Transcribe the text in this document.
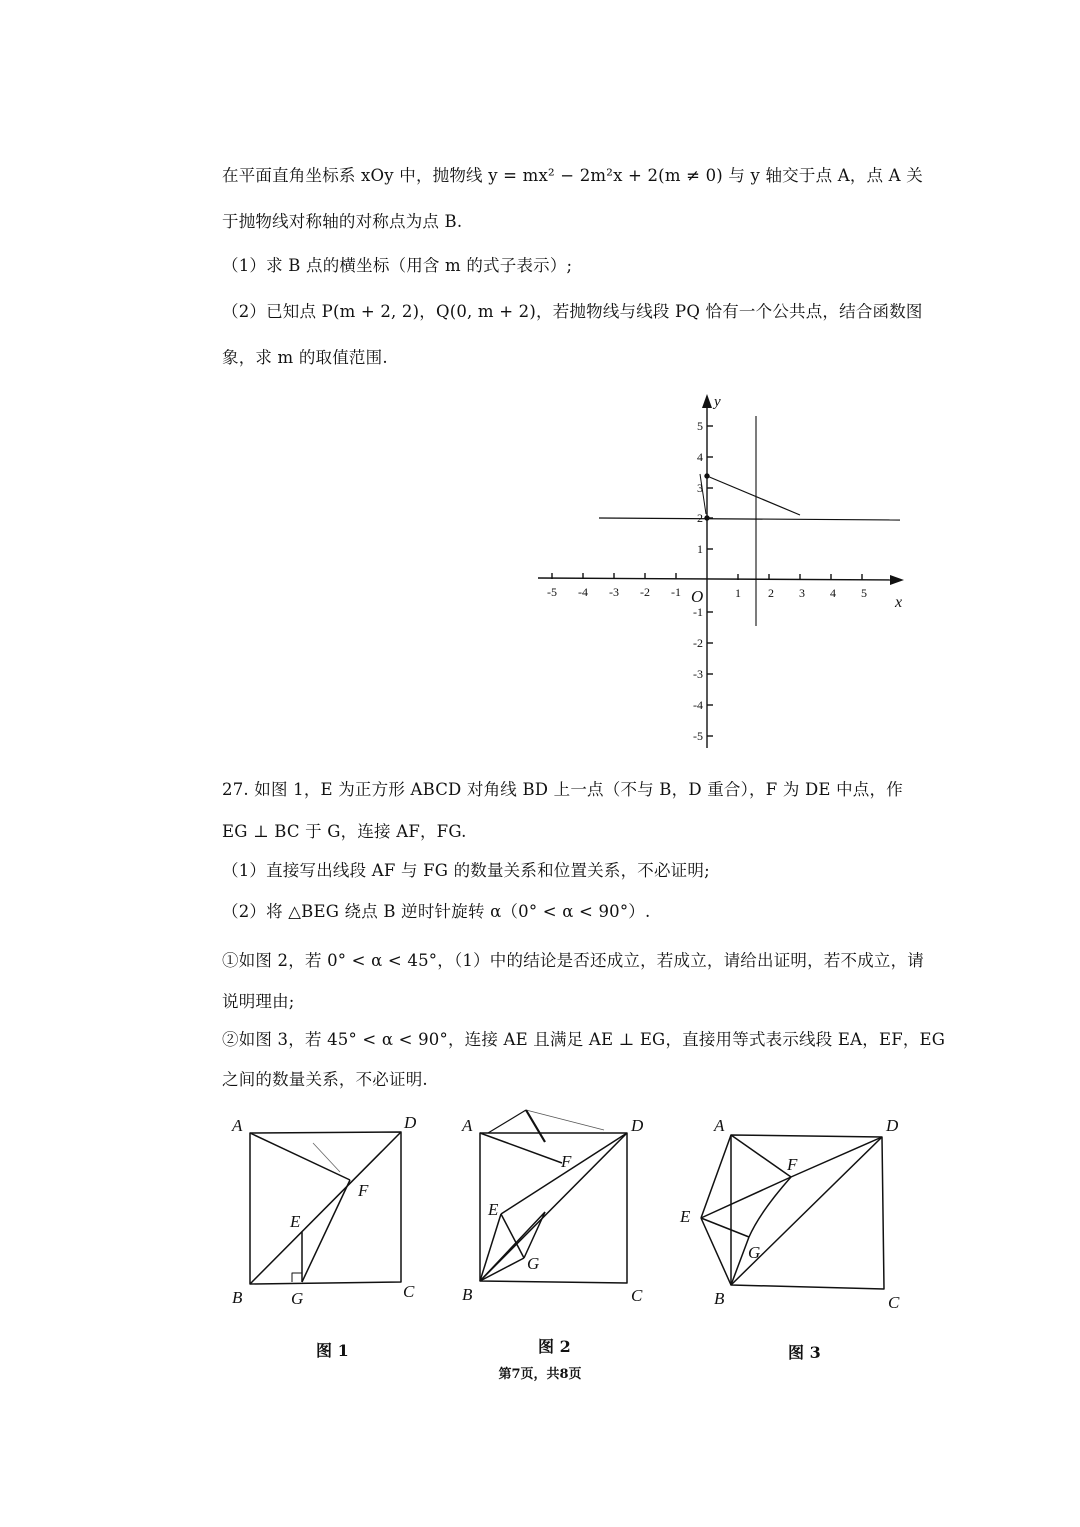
在平面直角坐标系 xOy 中，抛物线 y = mx² − 2m²x + 2(m ≠ 0) 与 y 轴交于点 A，点 A 关
于抛物线对称轴的对称点为点 B.
（1）求 B 点的横坐标（用含 m 的式子表示）;
（2）已知点 P(m + 2, 2)，Q(0, m + 2)，若抛物线与线段 PQ 恰有一个公共点，结合函数图
象，求 m 的取值范围.
-5 -4 -3 -2 -1	1 2 3 4 5
5
4
3
2
1
-1
-2
-3
-4
-5
O	x
y
27. 如图 1，E 为正方形 ABCD 对角线 BD 上一点（不与 B，D 重合），F 为 DE 中点，作
EG ⊥ BC 于 G，连接 AF，FG.
（1）直接写出线段 AF 与 FG 的数量关系和位置关系，不必证明;
（2）将 △BEG 绕点 B 逆时针旋转 α（0° < α < 90°）.
①如图 2，若 0° < α < 45°，（1）中的结论是否还成立，若成立，请给出证明，若不成立，请
说明理由;
②如图 3，若 45° < α < 90°，连接 AE 且满足 AE ⊥ EG，直接用等式表示线段 EA，EF，EG
之间的数量关系，不必证明.
A	D
F
E
B	G	C
A	D
F
E
G
B	C
A	D
F
E
G
B	C
图 1	图 2	图 3
第7页，共8页
